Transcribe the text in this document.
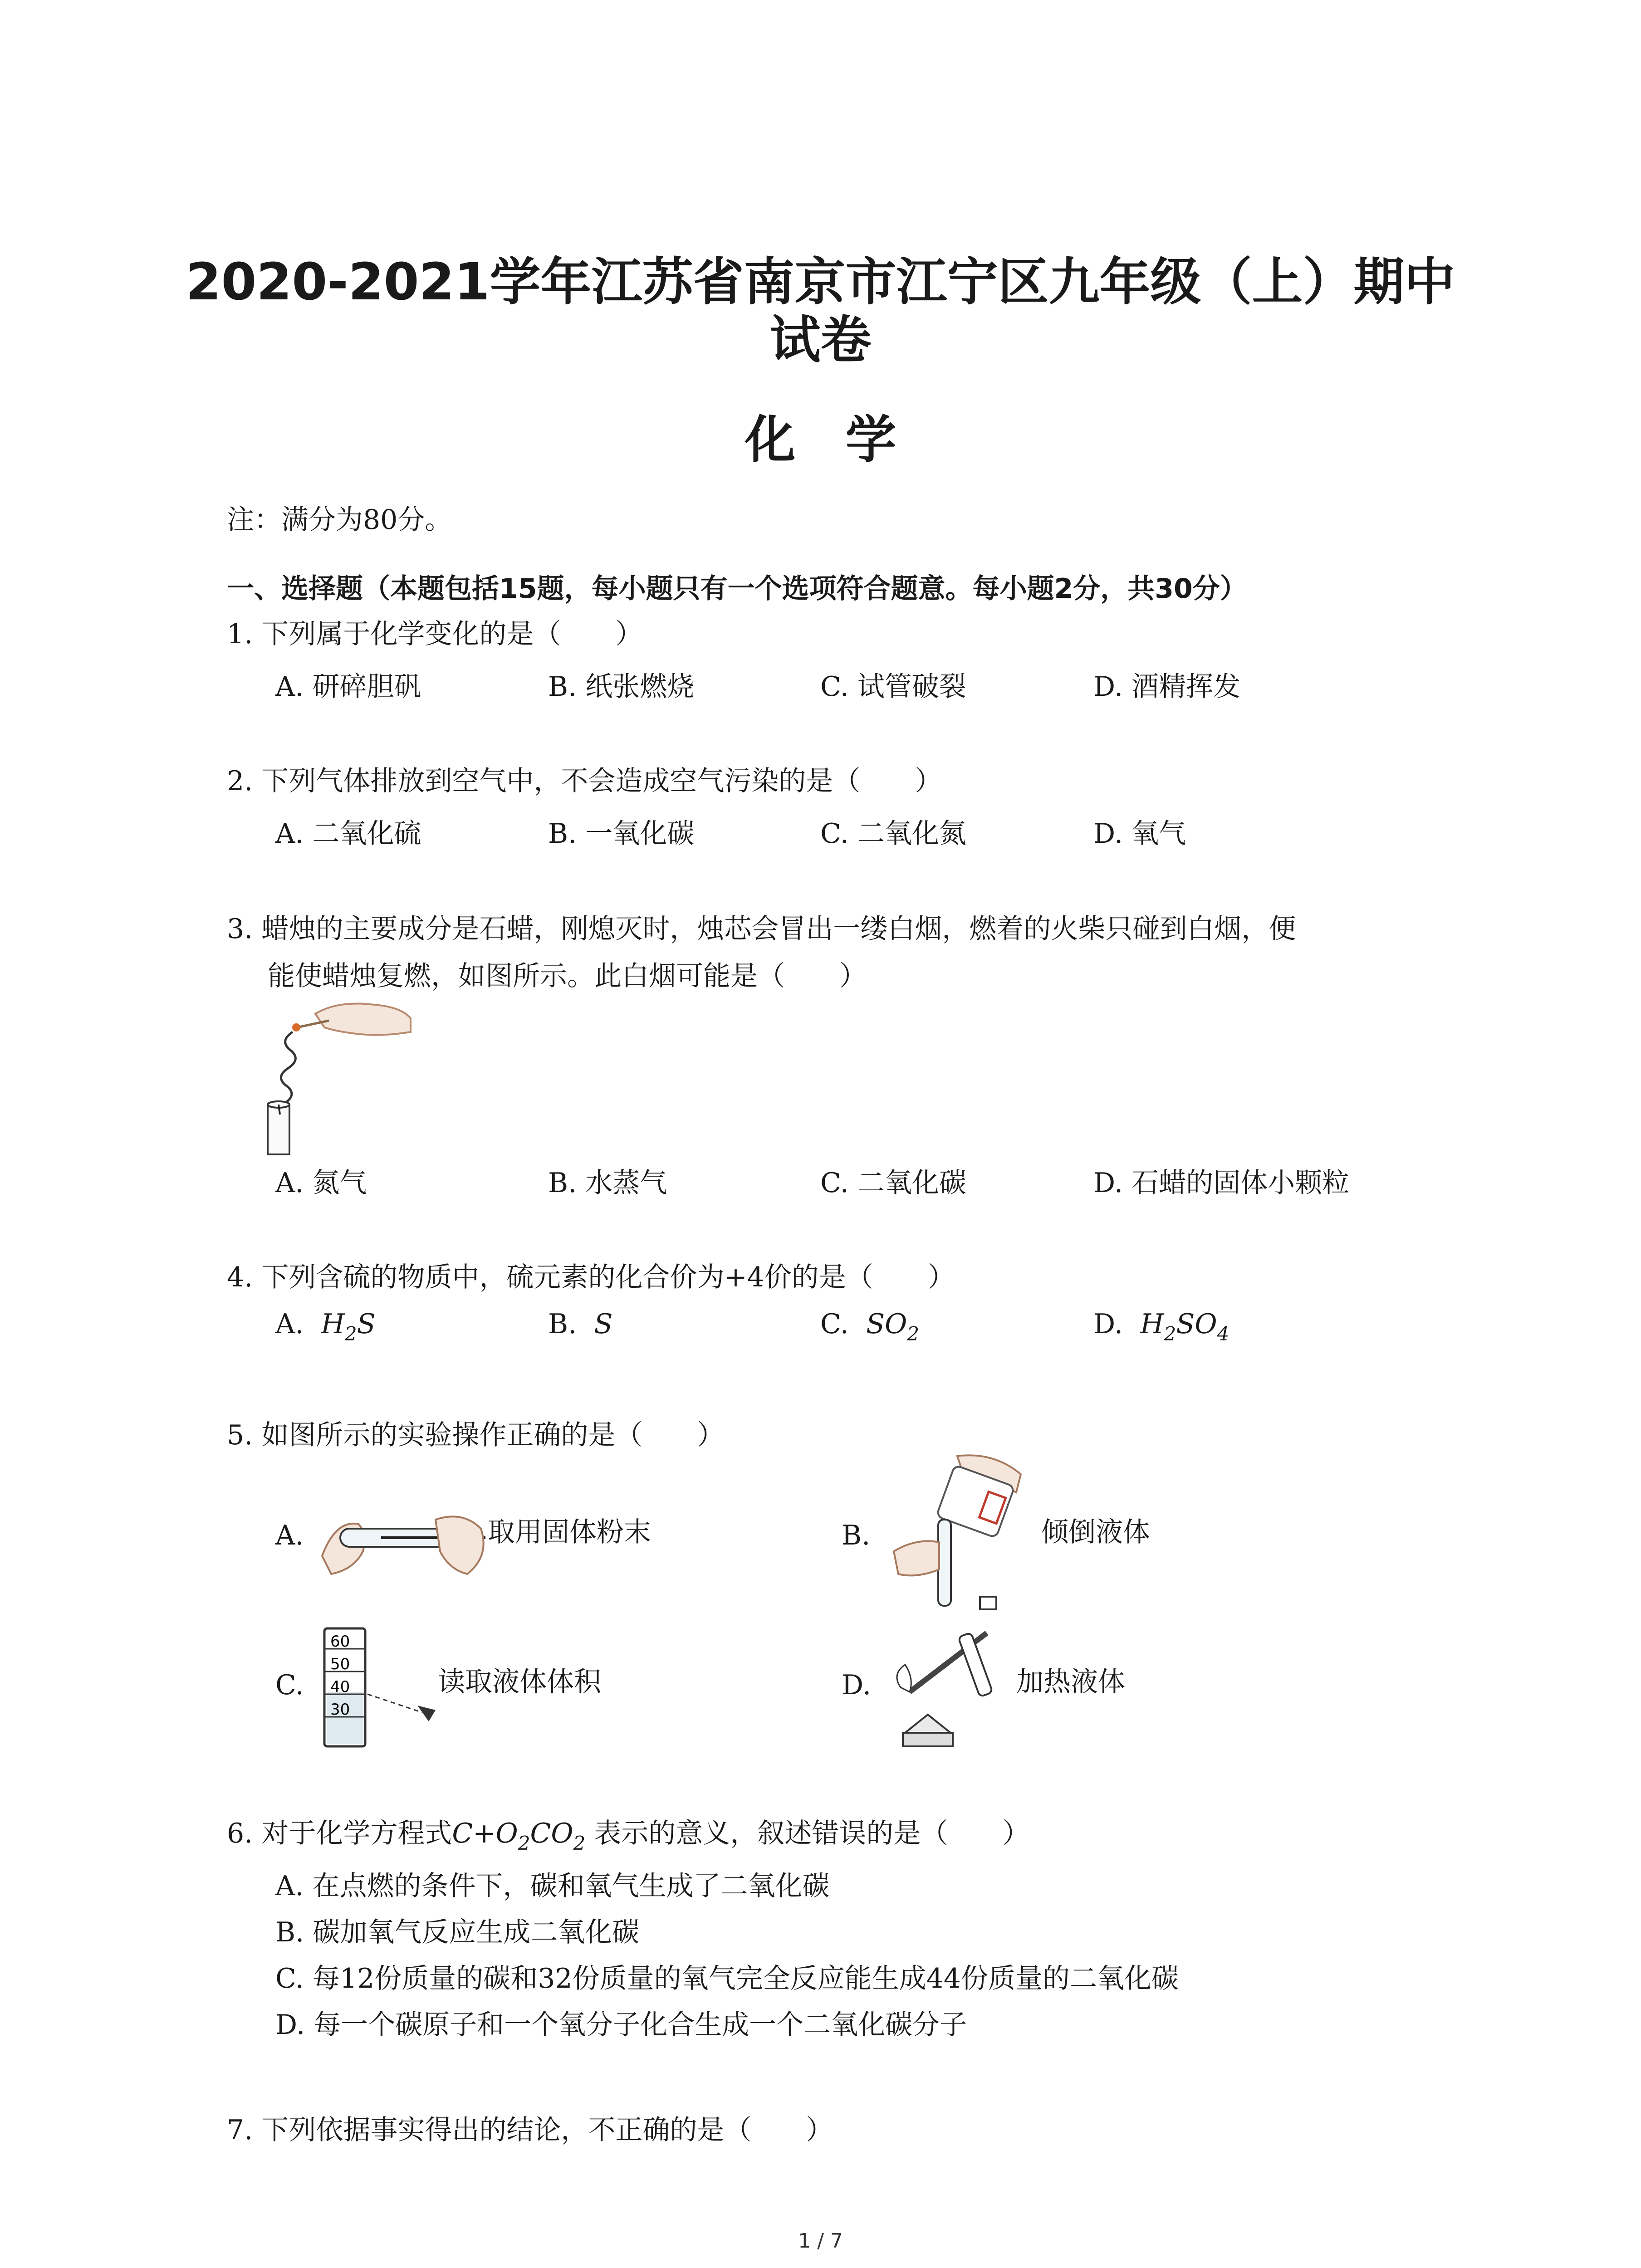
2020-2021学年江苏省南京市江宁区九年级（上）期中
试卷
化学
注：满分为80分。
一、选择题（本题包括15题，每小题只有一个选项符合题意。每小题2分，共30分）
1. 下列属于化学变化的是（　　）
A. 研碎胆矾	B. 纸张燃烧	C. 试管破裂	D. 酒精挥发
2. 下列气体排放到空气中，不会造成空气污染的是（　　）
A. 二氧化硫	B. 一氧化碳	C. 二氧化氮	D. 氧气
3. 蜡烛的主要成分是石蜡，刚熄灭时，烛芯会冒出一缕白烟，燃着的火柴只碰到白烟，便
能使蜡烛复燃，如图所示。此白烟可能是（　　）
A. 氮气	B. 水蒸气	C. 二氧化碳	D. 石蜡的固体小颗粒
4. 下列含硫的物质中，硫元素的化合价为+4价的是（　　）
A. $H_2S$	B. S	C. $SO_2$	D. $H_2SO_4$
5. 如图所示的实验操作正确的是（　　）
A.	取用固体粉末	B.	倾倒液体
C.
60
50
40
30
读取液体体积	D.	加热液体
6. 对于化学方程式$C+O_2CO_2$ 表示的意义，叙述错误的是（　　）
A. 在点燃的条件下，碳和氧气生成了二氧化碳
B. 碳加氧气反应生成二氧化碳
C. 每12份质量的碳和32份质量的氧气完全反应能生成44份质量的二氧化碳
D. 每一个碳原子和一个氧分子化合生成一个二氧化碳分子
7. 下列依据事实得出的结论，不正确的是（　　）
1 / 7
